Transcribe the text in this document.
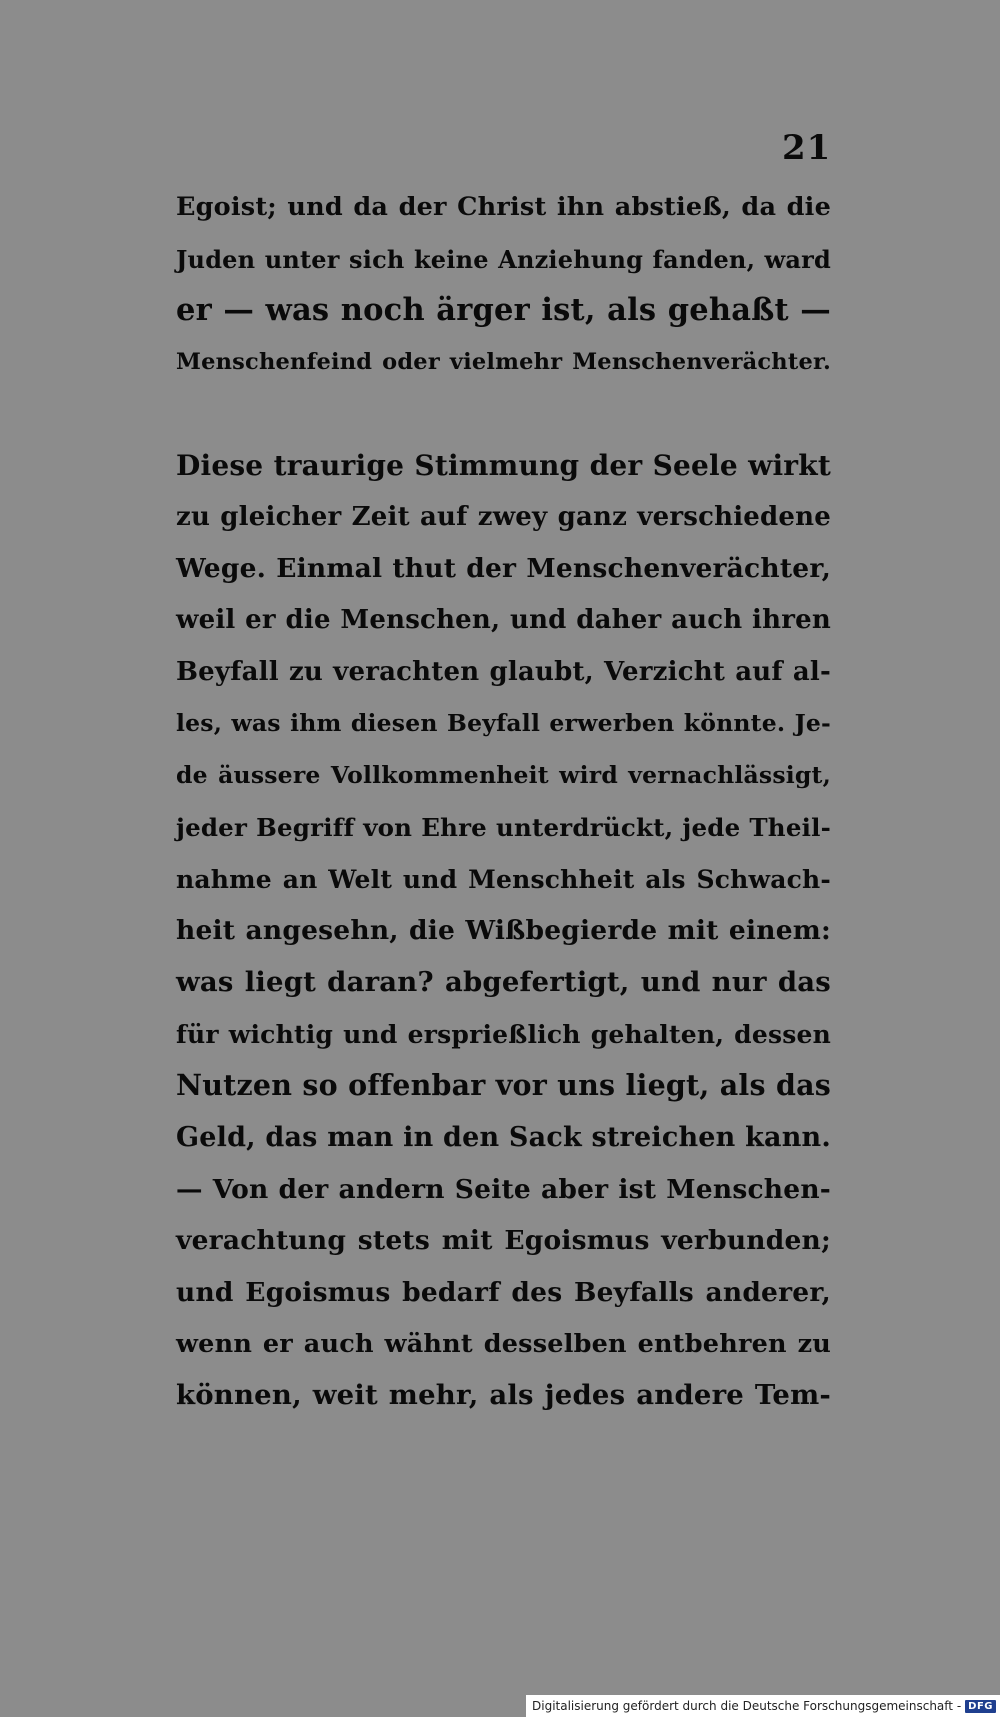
21
Egoist; und da der Christ ihn abstieß, da die
Juden unter sich keine Anziehung fanden, ward
er — was noch ärger ist, als gehaßt —
Menschenfeind oder vielmehr Menschenverächter.
Diese traurige Stimmung der Seele wirkt
zu gleicher Zeit auf zwey ganz verschiedene
Wege. Einmal thut der Menschenverächter,
weil er die Menschen, und daher auch ihren
Beyfall zu verachten glaubt, Verzicht auf al-
les, was ihm diesen Beyfall erwerben könnte. Je-
de äussere Vollkommenheit wird vernachlässigt,
jeder Begriff von Ehre unterdrückt, jede Theil-
nahme an Welt und Menschheit als Schwach-
heit angesehn, die Wißbegierde mit einem:
was liegt daran? abgefertigt, und nur das
für wichtig und ersprießlich gehalten, dessen
Nutzen so offenbar vor uns liegt, als das
Geld, das man in den Sack streichen kann.
— Von der andern Seite aber ist Menschen-
verachtung stets mit Egoismus verbunden;
und Egoismus bedarf des Beyfalls anderer,
wenn er auch wähnt desselben entbehren zu
können, weit mehr, als jedes andere Tem-
Digitalisierung gefördert durch die Deutsche Forschungsgemeinschaft - DFG
